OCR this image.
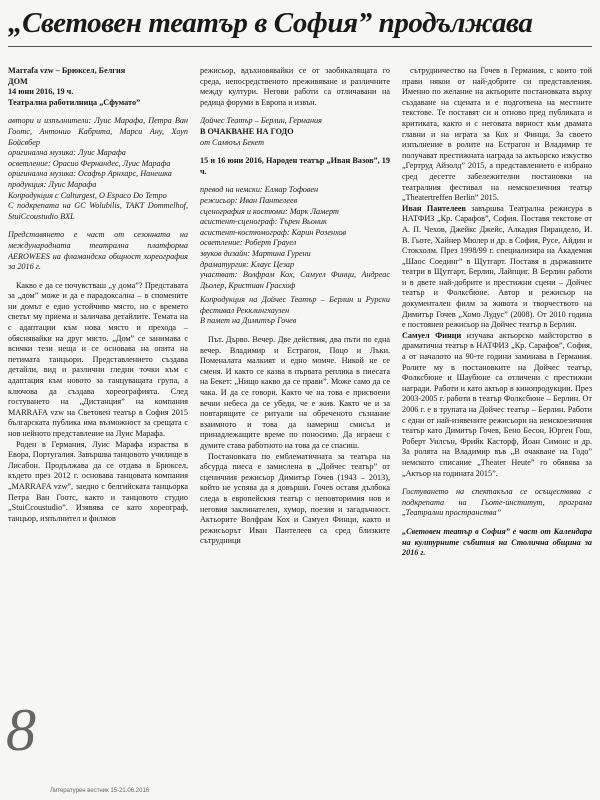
„Световен театър в София” продължава
Marrafa vzw – Брюксел, Белгия
ДОМ
14 юни 2016, 19 ч.
Театрална работилница „Сфумато”
автори и изпълнители: Луис Марафа, Петра Ван Гоотс, Антонио Кабрита, Марси Ану, Хоуп Бойсвбер
оригинална музика: Луис Марафа
осветление: Орасио Фернандес, Луис Марафа
оригинална музика: Осафър Арнхарс, Нанешка
продукция: Луис Марафа
Копродукция с Culturgest, О Espaco Do Tempo
С подкрепата на GC Wolubilis, TAKT Dommelhof, StuiCcoustudio BXL
Представянето е част от сезонната на международната театрална платформа AEROWEES на фламандска общност хореография за 2016 г.
Какво е да се почувстваш „у дома”? Представата за „дом” може и да е парадоксална – в спомените ни домът е едно устойчиво място, но с времето светът му приема и заличава детайлите. Темата на с адаптации към нова място и прехода – обяснявайки на друг място. „Дом” се занимава с всички тези неща и се основава на опита на петимата танцьори. Представлението създава детайли, вид и различни гледни точки към с адаптация към новото за танцуващата група, а ключова да създава хореографията. След гостуването на „Дистанция” на компания MARRAFA vzw на Световен театър в София 2015 българската публика има възможност за срещата с нов нейното представление на Луис Марафа.
Роден в Германия, Луис Марафа израства в Евора, Португалия. Завършва танцовото училище в Лисабон. Продължава да се отдава в Брюксел, където през 2012 г. основава танцовата компания „MARRAFA vzw”, заедно с белгийската танцьорка Петра Ван Гоотс, както и танцовото студио „StuiCcoustudio”. Изявява се като хореограф, танцьор, изпълнител и филмов
режисьор, вдъхновявайки се от заобикалящата го среда, непосредственото преживяване и различните между култури. Негови работи са отличавани на редица форуми в Европа и извън.
Дойчес Театър – Берлин, Германия
В ОЧАКВАНЕ НА ГОДО
от Самюъл Бекет
15 и 16 юни 2016, Народен театър „Иван Вазов”, 19 ч.
превод на немски: Елмар Тофовен
режисьор: Иван Пантелеев
сценография и костюми: Марк Ламерт
асистент-сценограф: Търен Вьоник
асистент-костюмограф: Карин Розенхов
осветление: Роберт Грауел
звуков дизайн: Мартина Гурени
драматургия: Клаус Цезар
участват: Волфрам Кох, Самуел Финци, Андреас Дьолер, Кристиан Грасхоф
Копродукция на Дойчес Театър – Берлин и Рурски фестивал Рекклингхаузен
В памет на Димитър Гочев
Път. Дърво. Вечер. Две действия, два пъти по една вечер. Владимир и Естрагон, Поцо и Лъки. Поменалата малкият и едно момче. Никой не се сменя. И както се казва в първата реплика в пиесата на Бекет: „Нищо какво да се прави”. Може само да се чака. И да се говори. Както че на това е присвоени вечни небеса да се убеди, че е жив. Както че и за повтарящите се ритуали на обреченото съзнание взаимното и това да намериш смисъл и принадлежащите време по поносимо. Да играеш с думите става работното на това да се спасиш.
Постановката по емблематичната за театъра на абсурда пиеса е замислена в „Дойчес театър” от сценичния режисьор Димитър Гочев (1943 – 2013), който не успява да я довърши. Гочев оставя дълбока следа в европейския театър с неповторимия нов и неговия заклинателен, хумор, поезия и загадъчност. Актьорите Волфрам Кох и Самуел Финци, както и режисьорът Иван Пантелеев са сред близките сътрудници
сътрудничество на Гочев в Германия, с които той прави някои от най-добрите си представления. Именно по желание на актьорите постановката върху създаване на сцената и е подготвена на местните текстове. Те поставят си и отново пред публиката и критиката, както и с неговата вярност към двамата главни и на играта за Кох и Финци. За своето изпълнение в ролите на Естрагон и Владимир те получават престижната награда за актьорско изкуство „Гертруд Айзолд” 2015, а представлението е избрано сред десетте забележителни постановки на театралния фестивал на немскоезичния театър „Theatertreffen Berlin” 2015.
Иван Пантелеев завършва Театрална режисура в НАТФИЗ „Кр. Сарафов”, София. Поставя текстове от А. П. Чехов, Джейкс Джейс, Алкадия Пирандело, И. В. Гьоте, Хайнер Мюлер и др. в София, Русе, Айдин и Стокхолм. През 1998/99 г. специализира на Академия „Шаос Соединг” в Щутгарт. Поставя в държавните театри в Щутгарт, Берлин, Лайпциг. В Берлин работи и в двете най-добрите и престижни сцени – Дойчес театър и Фолксбюне. Автор и режисьор на документален филм за живота и творчеството на Димитър Гочев „Хомо Лудус” (2008). От 2010 година е постоянен режисьор на Дойчес театър в Берлин.
Самуел Финци изучава актьорско майсторство в драматична театър в НАТФИЗ „Кр. Сарафов”, София, а от началото на 90-те години заминава в Германия. Ролите му в постановките на Дойчес театър, Фолксбюне и Шаубюне са отличени с престижни награди. Работи и като актьор в кинопродукции. През 2003-2005 г. работи в театър Фолксбюне – Берлин. От 2006 г. е в трупата на Дойчес театър – Берлин. Работи с едни от най-изявените режисьори на немскоезичния театър като Димитър Гочев, Бено Бесон, Юрген Гош, Роберт Уилсън, Фрийк Касторф, Йоан Симонс и др. За ролята на Владимир във „В очакване на Годо” немското списание „Theater Heute” го обявява за „Актьор на годината 2015”.
Гостуването на спектакъла се осъществява с подкрепата на Гьоте-институт, програма „Театрални пространства”
„Световен театър в София” е част от Календара на културните събития на Столична община за 2016 г.
8
Литературен вестник 15-21.06.2016
